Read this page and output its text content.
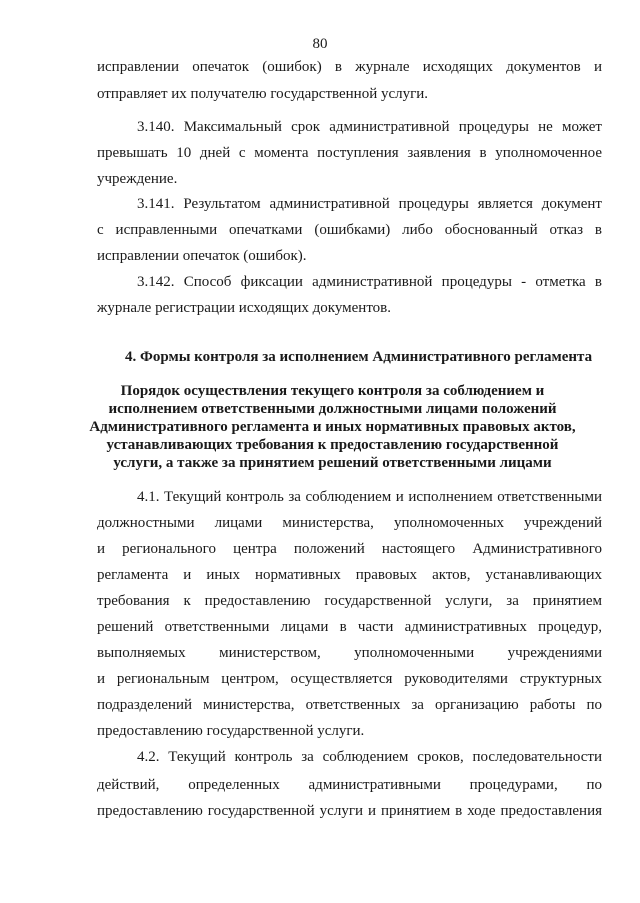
80
исправлении опечаток (ошибок) в журнале исходящих документов и
отправляет их получателю государственной услуги.
3.140. Максимальный срок административной процедуры не может
превышать 10 дней с момента поступления заявления в уполномоченное
учреждение.
3.141. Результатом административной процедуры является документ
с исправленными опечатками (ошибками) либо обоснованный отказ в
исправлении опечаток (ошибок).
3.142. Способ фиксации административной процедуры - отметка в
журнале регистрации исходящих документов.
4. Формы контроля за исполнением Административного регламента
Порядок осуществления текущего контроля за соблюдением и
исполнением ответственными должностными лицами положений
Административного регламента и иных нормативных правовых актов,
устанавливающих требования к предоставлению государственной
услуги, а также за принятием решений ответственными лицами
4.1. Текущий контроль за соблюдением и исполнением ответственными
должностными лицами министерства, уполномоченных учреждений
и регионального центра положений настоящего Административного
регламента и иных нормативных правовых актов, устанавливающих
требования к предоставлению государственной услуги, за принятием
решений ответственными лицами в части административных процедур,
выполняемых министерством, уполномоченными учреждениями
и региональным центром, осуществляется руководителями структурных
подразделений министерства, ответственных за организацию работы по
предоставлению государственной услуги.
4.2. Текущий контроль за соблюдением сроков, последовательности
действий, определенных административными процедурами, по
предоставлению государственной услуги и принятием в ходе предоставления
